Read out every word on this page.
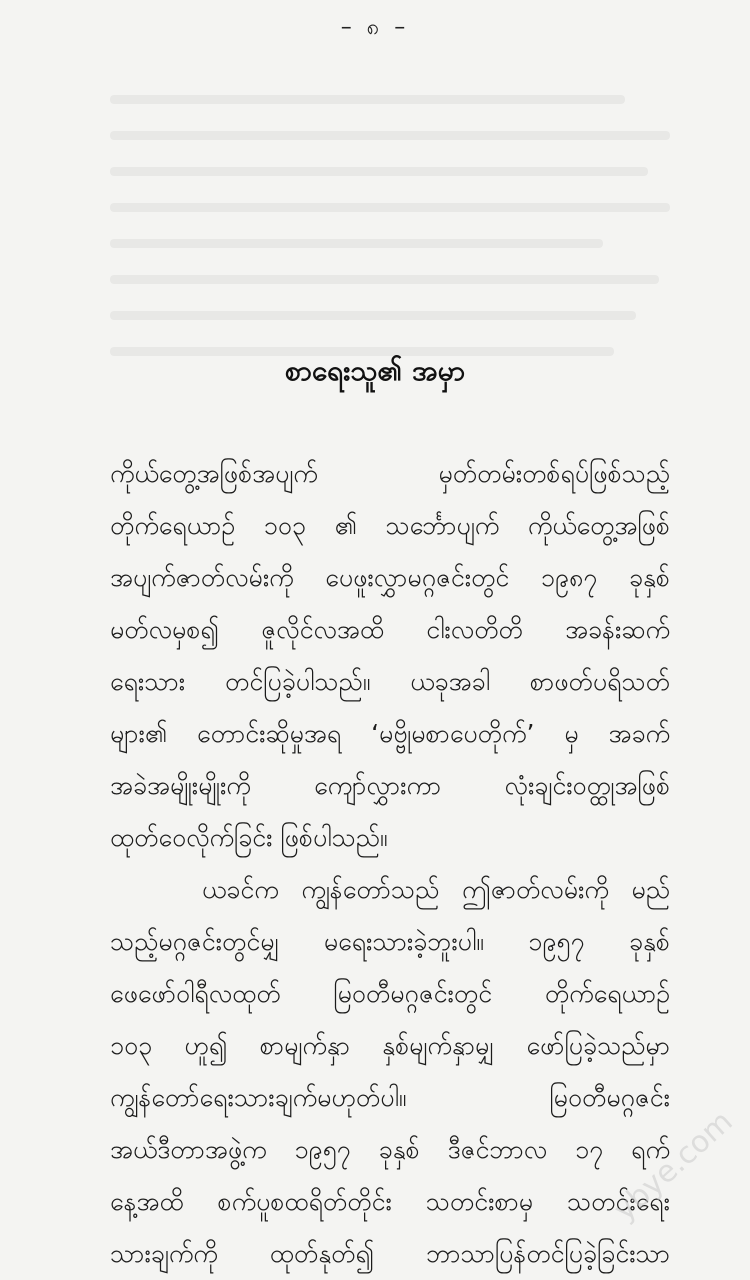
– ၈ –
စာရေးသူ၏ အမှာ
ကိုယ်တွေ့အဖြစ်အပျက် မှတ်တမ်းတစ်ရပ်ဖြစ်သည့်
တိုက်ရေယာဉ် ၁၀၃ ၏ သင်္ဘောပျက် ကိုယ်တွေ့အဖြစ်
အပျက်ဇာတ်လမ်းကို ပေဖူးလွှာမဂ္ဂဇင်းတွင် ၁၉၈၇ ခုနှစ်
မတ်လမှစ၍ ဇူလိုင်လအထိ ငါးလတိတိ အခန်းဆက်
ရေးသား တင်ပြခဲ့ပါသည်။ ယခုအခါ စာဖတ်ပရိသတ်
များ၏ တောင်းဆိုမှုအရ ‘မဗ္ဗိုမစာပေတိုက်’ မှ အခက်
အခဲအမျိုးမျိုးကို ကျော်လွှားကာ လုံးချင်းဝတ္ထုအဖြစ်
ထုတ်ဝေလိုက်ခြင်း ဖြစ်ပါသည်။
ယခင်က ကျွန်တော်သည် ဤဇာတ်လမ်းကို မည်
သည့်မဂ္ဂဇင်းတွင်မျှ မရေးသားခဲ့ဘူးပါ။ ၁၉၅၇ ခုနှစ်
ဖေဖော်ဝါရီလထုတ် မြဝတီမဂ္ဂဇင်းတွင် တိုက်ရေယာဉ်
၁၀၃ ဟူ၍ စာမျက်နှာ နှစ်မျက်နှာမျှ ဖော်ပြခဲ့သည်မှာ
ကျွန်တော်ရေးသားချက်မဟုတ်ပါ။ မြဝတီမဂ္ဂဇင်း
အယ်ဒီတာအဖွဲ့က ၁၉၅၇ ခုနှစ် ဒီဇင်ဘာလ ၁၇ ရက်
နေ့အထိ စက်ပူစထရိတ်တိုင်း သတင်းစာမှ သတင်းရေး
သားချက်ကို ထုတ်နုတ်၍ ဘာသာပြန်တင်ပြခဲ့ခြင်းသာ
ybye.com
